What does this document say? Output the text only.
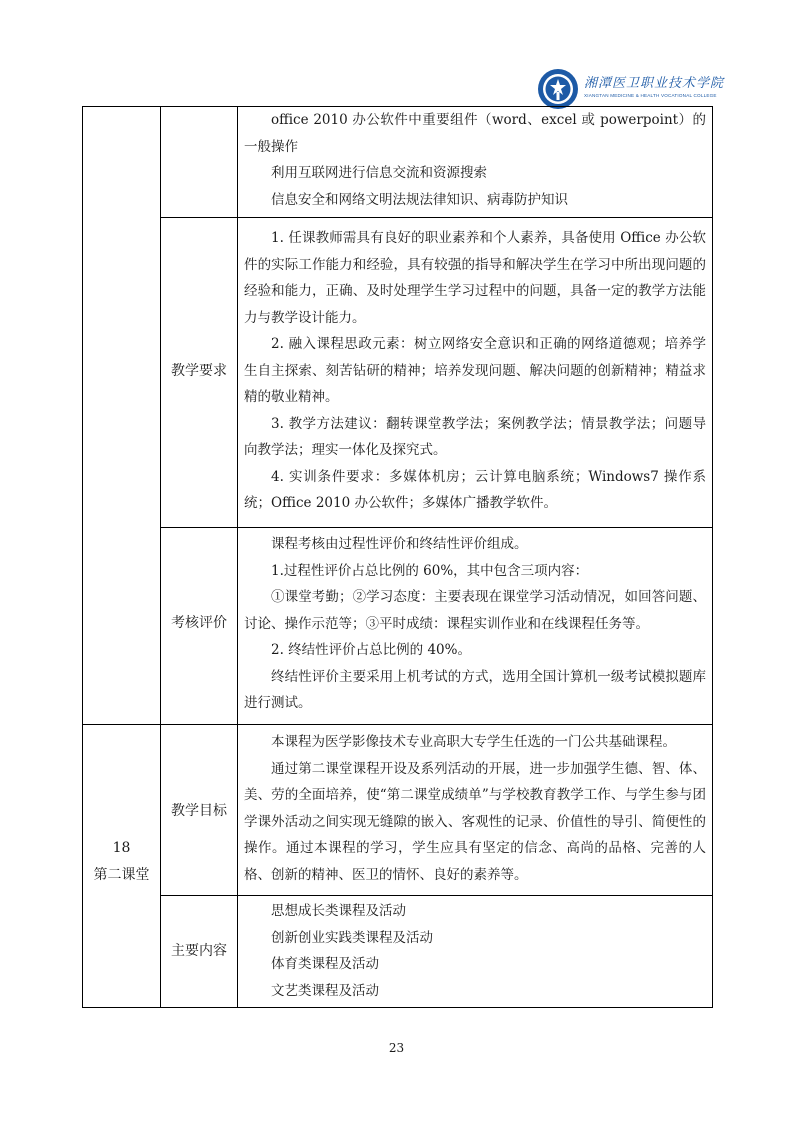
湘潭医卫职业技术学院
XIANGTAN MEDICINE & HEALTH VOCATIONAL COLLEGE

office 2010 办公软件中重要组件（word、excel 或 powerpoint）的一般操作

利用互联网进行信息交流和资源搜索

信息安全和网络文明法规法律知识、病毒防护知识

教学要求

1. 任课教师需具有良好的职业素养和个人素养，具备使用 Office 办公软件的实际工作能力和经验，具有较强的指导和解决学生在学习中所出现问题的经验和能力，正确、及时处理学生学习过程中的问题，具备一定的教学方法能力与教学设计能力。

2. 融入课程思政元素：树立网络安全意识和正确的网络道德观；培养学生自主探索、刻苦钻研的精神；培养发现问题、解决问题的创新精神；精益求精的敬业精神。

3. 教学方法建议：翻转课堂教学法；案例教学法；情景教学法；问题导向教学法；理实一体化及探究式。

4. 实训条件要求：多媒体机房；云计算电脑系统；Windows7 操作系统；Office 2010 办公软件；多媒体广播教学软件。

考核评价

课程考核由过程性评价和终结性评价组成。

1.过程性评价占总比例的 60%，其中包含三项内容：

①课堂考勤；②学习态度：主要表现在课堂学习活动情况，如回答问题、讨论、操作示范等；③平时成绩：课程实训作业和在线课程任务等。

2. 终结性评价占总比例的 40%。

终结性评价主要采用上机考试的方式，选用全国计算机一级考试模拟题库进行测试。

18
第二课堂
教学目标

本课程为医学影像技术专业高职大专学生任选的一门公共基础课程。

通过第二课堂课程开设及系列活动的开展，进一步加强学生德、智、体、美、劳的全面培养，使“第二课堂成绩单”与学校教育教学工作、与学生参与团学课外活动之间实现无缝隙的嵌入、客观性的记录、价值性的导引、简便性的操作。通过本课程的学习，学生应具有坚定的信念、高尚的品格、完善的人格、创新的精神、医卫的情怀、良好的素养等。

主要内容

思想成长类课程及活动

创新创业实践类课程及活动

体育类课程及活动

文艺类课程及活动

23
